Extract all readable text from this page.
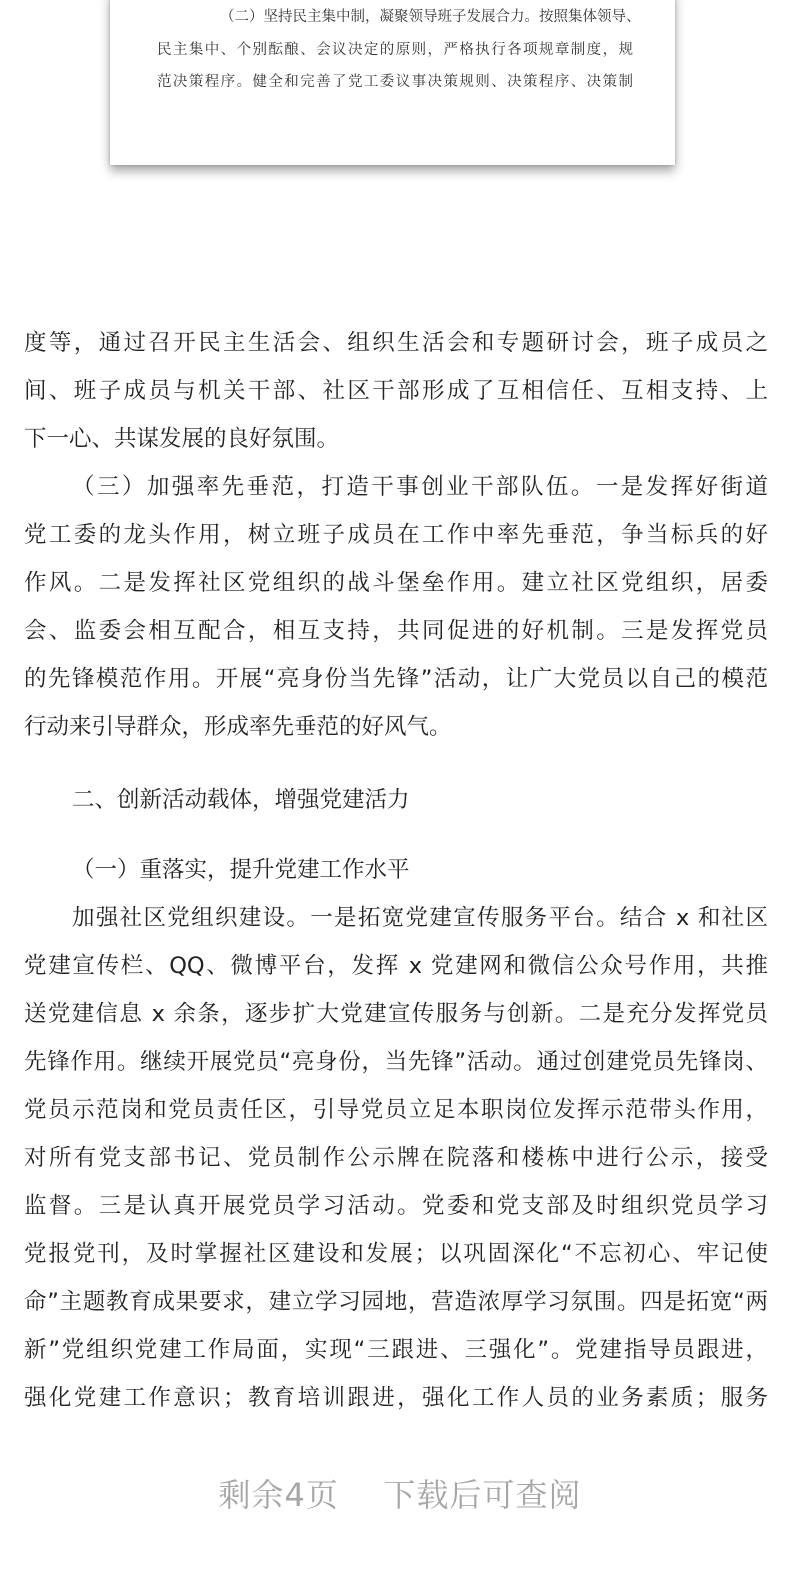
（二）坚持民主集中制，凝聚领导班子发展合力。按照集体领导、
民主集中、个别酝酿、会议决定的原则，严格执行各项规章制度，规
范决策程序。健全和完善了党工委议事决策规则、决策程序、决策制
度等，通过召开民主生活会、组织生活会和专题研讨会，班子成员之
间、班子成员与机关干部、社区干部形成了互相信任、互相支持、上
下一心、共谋发展的良好氛围。
（三）加强率先垂范，打造干事创业干部队伍。一是发挥好街道
党工委的龙头作用，树立班子成员在工作中率先垂范，争当标兵的好
作风。二是发挥社区党组织的战斗堡垒作用。建立社区党组织，居委
会、监委会相互配合，相互支持，共同促进的好机制。三是发挥党员
的先锋模范作用。开展“亮身份当先锋”活动，让广大党员以自己的模范
行动来引导群众，形成率先垂范的好风气。
二、创新活动载体，增强党建活力
（一）重落实，提升党建工作水平
加强社区党组织建设。一是拓宽党建宣传服务平台。结合 x 和社区
党建宣传栏、QQ、微博平台，发挥 x 党建网和微信公众号作用，共推
送党建信息 x 余条，逐步扩大党建宣传服务与创新。二是充分发挥党员
先锋作用。继续开展党员“亮身份，当先锋”活动。通过创建党员先锋岗、
党员示范岗和党员责任区，引导党员立足本职岗位发挥示范带头作用，
对所有党支部书记、党员制作公示牌在院落和楼栋中进行公示，接受
监督。三是认真开展党员学习活动。党委和党支部及时组织党员学习
党报党刊，及时掌握社区建设和发展；以巩固深化“不忘初心、牢记使
命”主题教育成果要求，建立学习园地，营造浓厚学习氛围。四是拓宽“两
新”党组织党建工作局面，实现“三跟进、三强化”。党建指导员跟进，
强化党建工作意识；教育培训跟进，强化工作人员的业务素质；服务
剩余4页 下载后可查阅
